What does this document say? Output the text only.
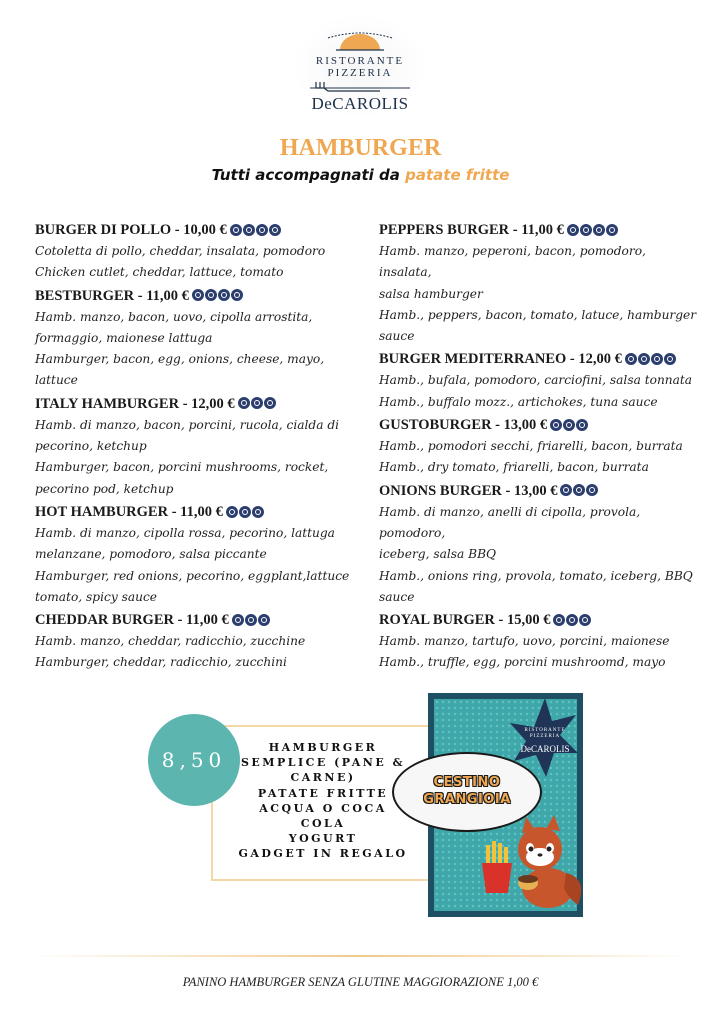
RISTORANTE
PIZZERIA
DeCAROLIS
HAMBURGER
Tutti accompagnati da patate fritte
BURGER DI POLLO - 10,00 €
Cotoletta di pollo, cheddar, insalata, pomodoro
Chicken cutlet, cheddar, lattuce, tomato
BESTBURGER - 11,00 €
Hamb. manzo, bacon, uovo, cipolla arrostita,
formaggio, maionese lattuga
Hamburger, bacon, egg, onions, cheese, mayo, lattuce
ITALY HAMBURGER - 12,00 €
Hamb. di manzo, bacon, porcini, rucola, cialda di
pecorino, ketchup
Hamburger, bacon, porcini mushrooms, rocket,
pecorino pod, ketchup
HOT HAMBURGER - 11,00 €
Hamb. di manzo, cipolla rossa, pecorino, lattuga
melanzane, pomodoro, salsa piccante
Hamburger, red onions, pecorino, eggplant,lattuce
tomato, spicy sauce
CHEDDAR BURGER - 11,00 €
Hamb. manzo, cheddar, radicchio, zucchine
Hamburger, cheddar, radicchio, zucchini
PEPPERS BURGER - 11,00 €
Hamb. manzo, peperoni, bacon, pomodoro, insalata,
salsa hamburger
Hamb., peppers, bacon, tomato, latuce, hamburger
sauce
BURGER MEDITERRANEO - 12,00 €
Hamb., bufala, pomodoro, carciofini, salsa tonnata
Hamb., buffalo mozz., artichokes, tuna sauce
GUSTOBURGER - 13,00 €
Hamb., pomodori secchi, friarelli, bacon, burrata
Hamb., dry tomato, friarelli, bacon, burrata
ONIONS BURGER - 13,00 €
Hamb. di manzo, anelli di cipolla, provola, pomodoro,
iceberg, salsa BBQ
Hamb., onions ring, provola, tomato, iceberg, BBQ
sauce
ROYAL BURGER - 15,00 €
Hamb. manzo, tartufo, uovo, porcini, maionese
Hamb., truffle, egg, porcini mushroomd, mayo
8,50 €
HAMBURGER
SEMPLICE (PANE &
CARNE)
PATATE FRITTE
ACQUA O COCA
COLA
YOGURT
GADGET IN REGALO
RISTORANTE
PIZZERIA
DeCAROLIS
CESTINO
GRANGIOIA
PANINO HAMBURGER SENZA GLUTINE MAGGIORAZIONE 1,00 €
